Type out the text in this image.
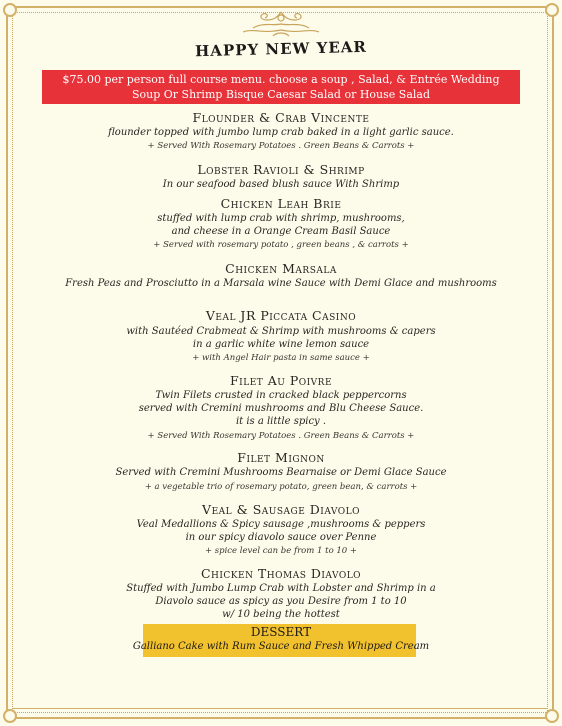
HAPPY NEW YEAR
$75.00 per person full course menu. choose a soup , Salad, & Entrée Wedding
Soup Or Shrimp Bisque Caesar Salad or House Salad
Flounder & Crab Vincente
flounder topped with jumbo lump crab baked in a light garlic sauce.
+ Served With Rosemary Potatoes . Green Beans & Carrots +
Lobster Ravioli & Shrimp
In our seafood based blush sauce With Shrimp
Chicken Leah Brie
stuffed with lump crab with shrimp, mushrooms,
and cheese in a Orange Cream Basil Sauce
+ Served with rosemary potato , green beans , & carrots +
Chicken Marsala
Fresh Peas and Prosciutto in a Marsala wine Sauce with Demi Glace and mushrooms
Veal JR Piccata Casino
with Sautéed Crabmeat & Shrimp with mushrooms & capers
in a garlic white wine lemon sauce
+ with Angel Hair pasta in same sauce +
Filet Au Poivre
Twin Filets crusted in cracked black peppercorns
served with Cremini mushrooms and Blu Cheese Sauce.
it is a little spicy .
+ Served With Rosemary Potatoes . Green Beans & Carrots +
Filet Mignon
Served with Cremini Mushrooms Bearnaise or Demi Glace Sauce
+ a vegetable trio of rosemary potato, green bean, & carrots +
Veal & Sausage Diavolo
Veal Medallions & Spicy sausage ,mushrooms & peppers
in our spicy diavolo sauce over Penne
+ spice level can be from 1 to 10 +
Chicken Thomas Diavolo
Stuffed with Jumbo Lump Crab with Lobster and Shrimp in a
Diavolo sauce as spicy as you Desire from 1 to 10
w/ 10 being the hottest
DESSERT
Galliano Cake with Rum Sauce and Fresh Whipped Cream
